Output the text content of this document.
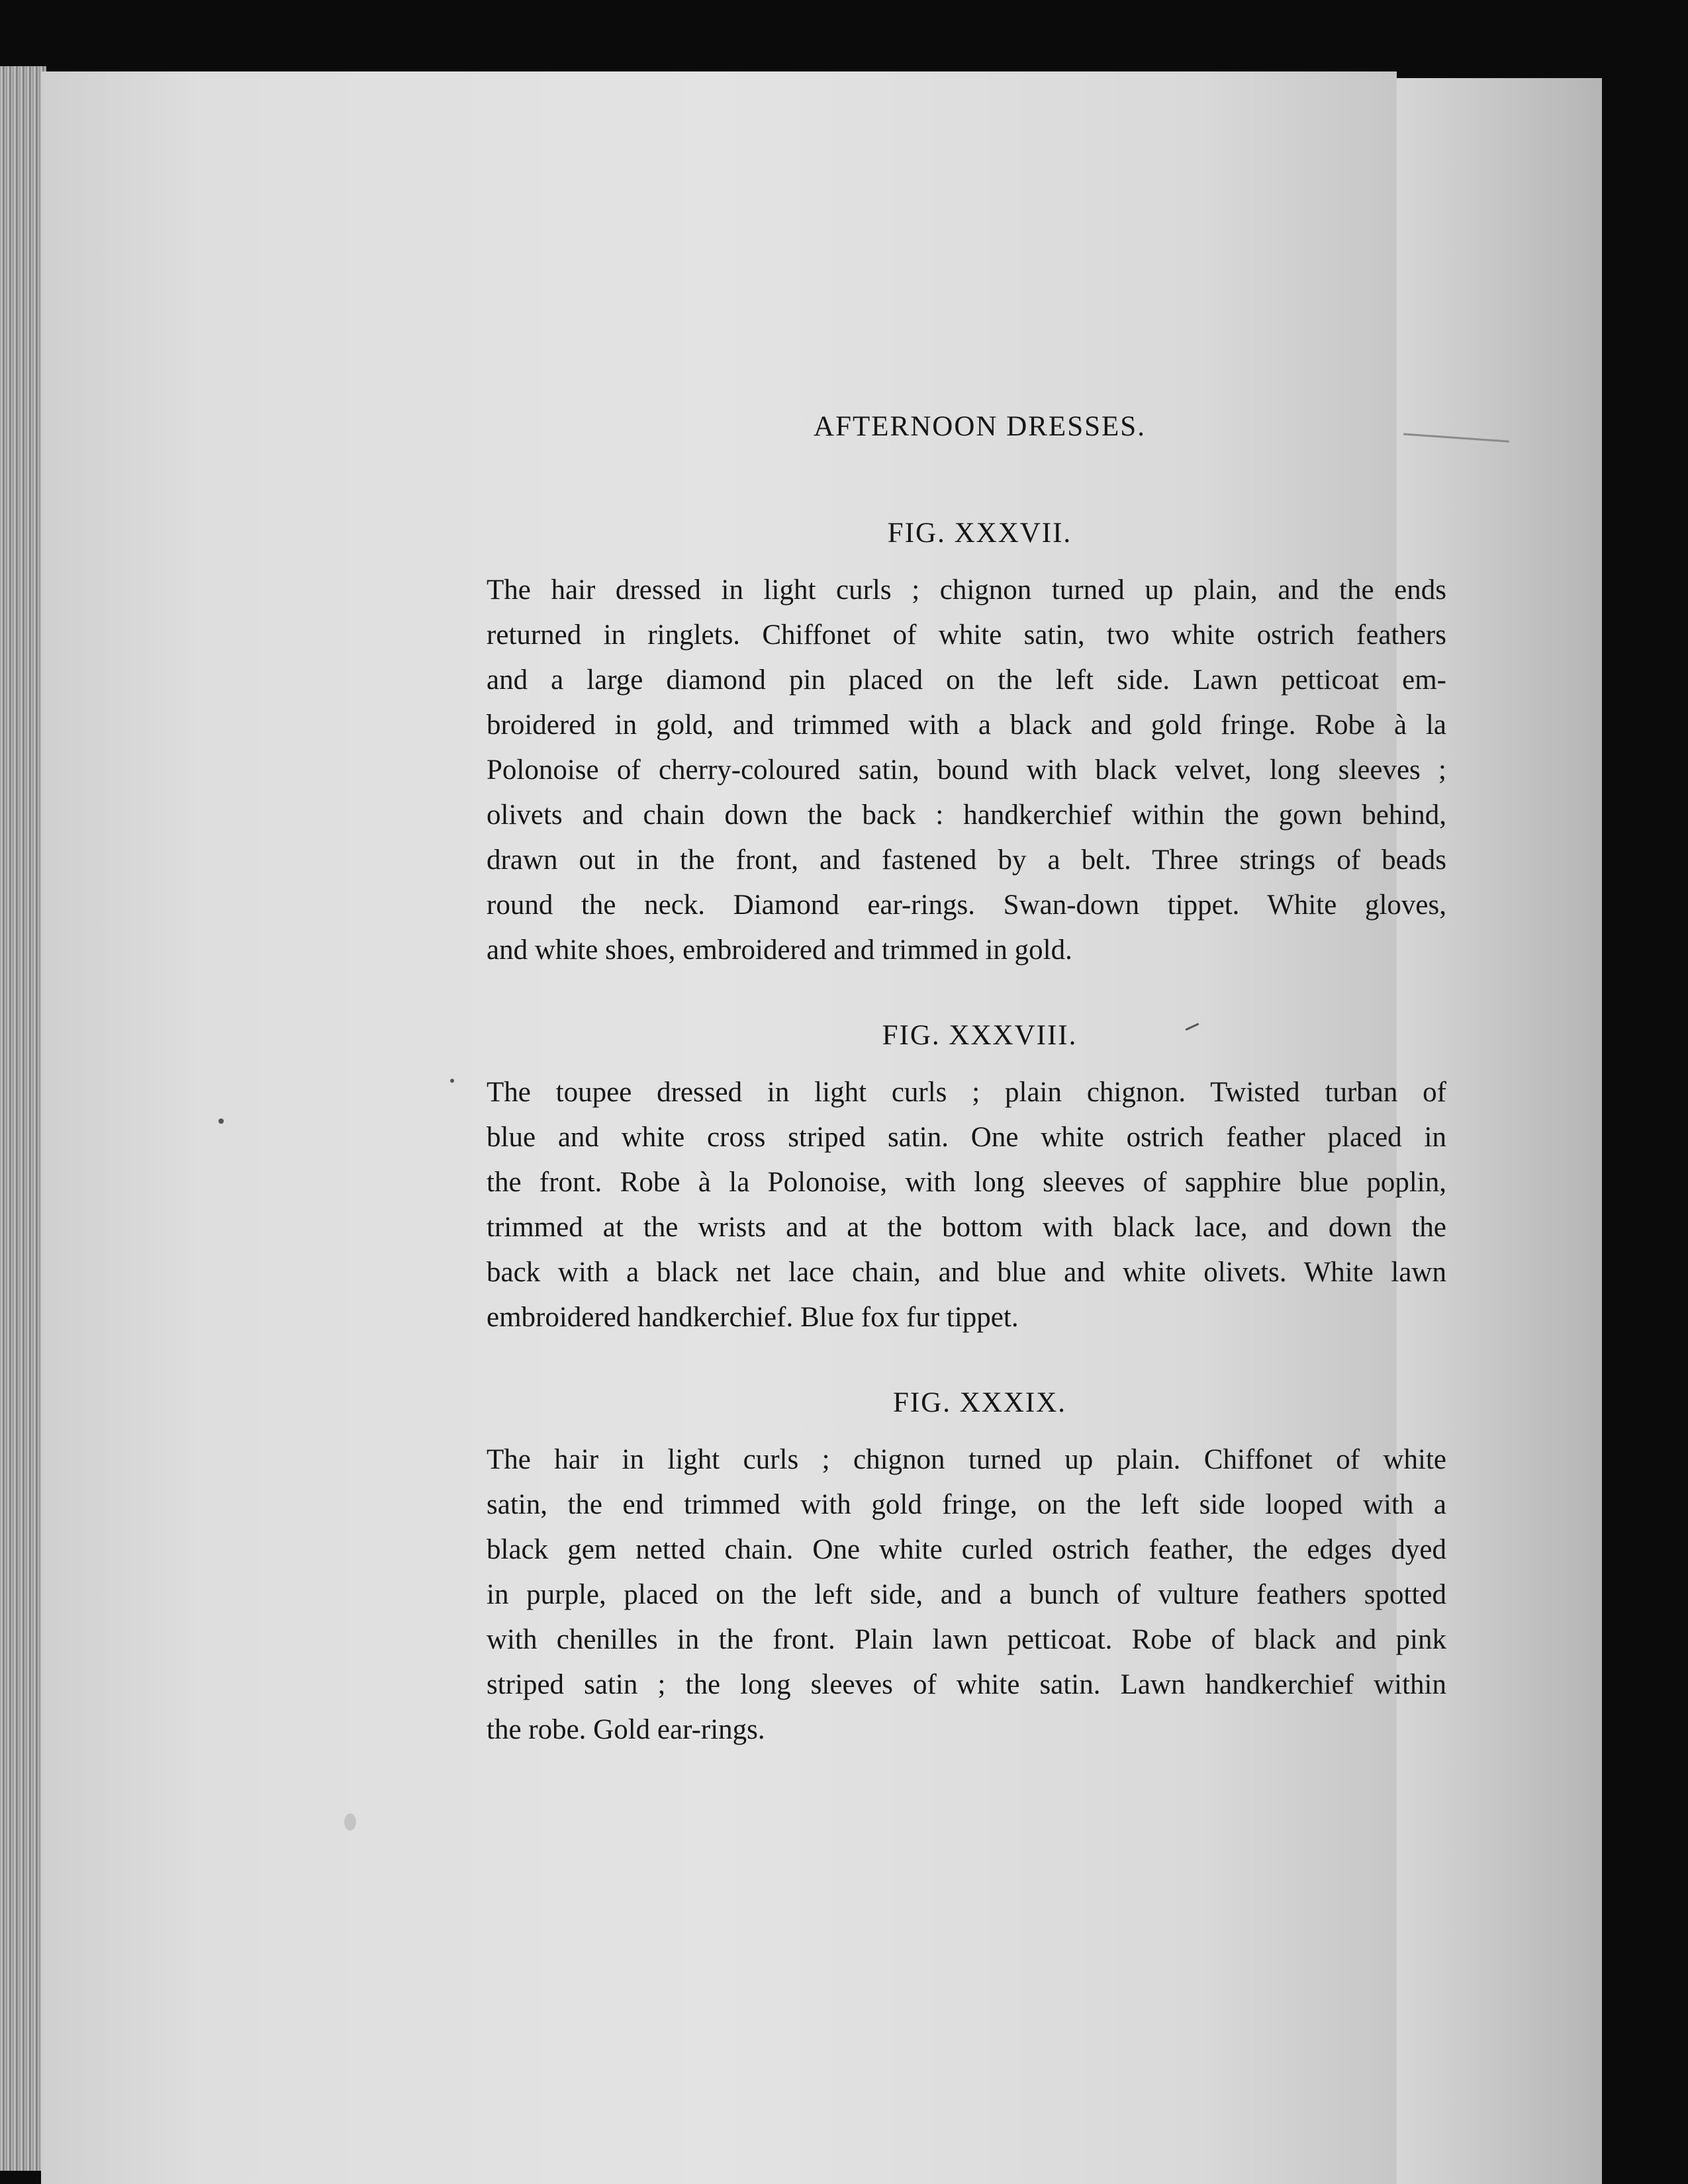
AFTERNOON DRESSES.
FIG. XXXVII.
The hair dressed in light curls ; chignon turned up plain, and the ends
returned in ringlets. Chiffonet of white satin, two white ostrich feathers
and a large diamond pin placed on the left side. Lawn petticoat em-
broidered in gold, and trimmed with a black and gold fringe. Robe à la
Polonoise of cherry-coloured satin, bound with black velvet, long sleeves ;
olivets and chain down the back : handkerchief within the gown behind,
drawn out in the front, and fastened by a belt. Three strings of beads
round the neck. Diamond ear-rings. Swan-down tippet. White gloves,
and white shoes, embroidered and trimmed in gold.
FIG. XXXVIII.
The toupee dressed in light curls ; plain chignon. Twisted turban of
blue and white cross striped satin. One white ostrich feather placed in
the front. Robe à la Polonoise, with long sleeves of sapphire blue poplin,
trimmed at the wrists and at the bottom with black lace, and down the
back with a black net lace chain, and blue and white olivets. White lawn
embroidered handkerchief. Blue fox fur tippet.
FIG. XXXIX.
The hair in light curls ; chignon turned up plain. Chiffonet of white
satin, the end trimmed with gold fringe, on the left side looped with a
black gem netted chain. One white curled ostrich feather, the edges dyed
in purple, placed on the left side, and a bunch of vulture feathers spotted
with chenilles in the front. Plain lawn petticoat. Robe of black and pink
striped satin ; the long sleeves of white satin. Lawn handkerchief within
the robe. Gold ear-rings.
